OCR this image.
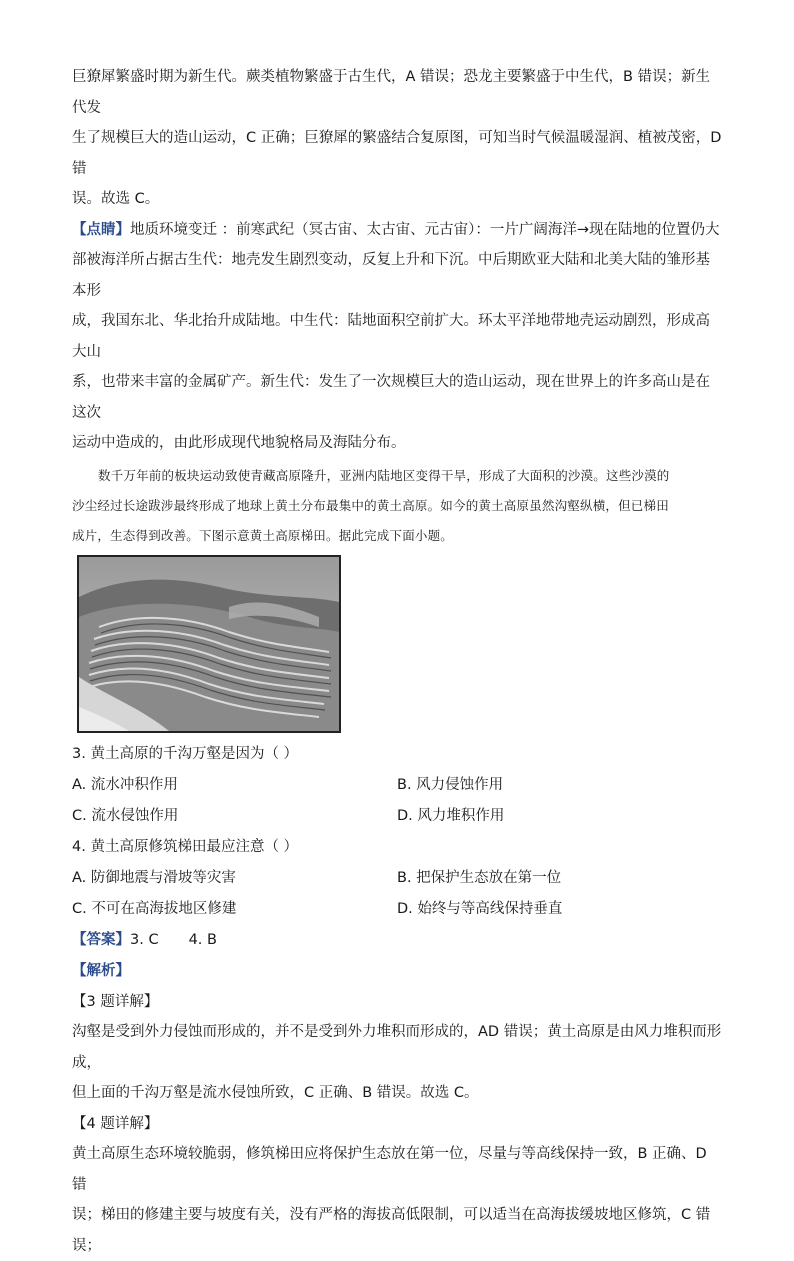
巨獠犀繁盛时期为新生代。蕨类植物繁盛于古生代，A 错误；恐龙主要繁盛于中生代，B 错误；新生代发

生了规模巨大的造山运动，C 正确；巨獠犀的繁盛结合复原图，可知当时气候温暖湿润、植被茂密，D 错

误。故选 C。

【点睛】地质环境变迁 ：前寒武纪（冥古宙、太古宙、元古宙）：一片广阔海洋→现在陆地的位置仍大

部被海洋所占据古生代：地壳发生剧烈变动，反复上升和下沉。中后期欧亚大陆和北美大陆的雏形基本形

成，我国东北、华北抬升成陆地。中生代：陆地面积空前扩大。环太平洋地带地壳运动剧烈，形成高大山

系，也带来丰富的金属矿产。新生代：发生了一次规模巨大的造山运动，现在世界上的许多高山是在这次

运动中造成的，由此形成现代地貌格局及海陆分布。

数千万年前的板块运动致使青藏高原隆升，亚洲内陆地区变得干旱，形成了大面积的沙漠。这些沙漠的

沙尘经过长途跋涉最终形成了地球上黄土分布最集中的黄土高原。如今的黄土高原虽然沟壑纵横，但已梯田

成片，生态得到改善。下图示意黄土高原梯田。据此完成下面小题。

3. 黄土高原的千沟万壑是因为（ ）

A. 流水冲积作用	B. 风力侵蚀作用
C. 流水侵蚀作用	D. 风力堆积作用

4. 黄土高原修筑梯田最应注意（ ）

A. 防御地震与滑坡等灾害	B. 把保护生态放在第一位
C. 不可在高海拔地区修建	D. 始终与等高线保持垂直

【答案】3. C 4. B

【解析】

【3 题详解】

沟壑是受到外力侵蚀而形成的，并不是受到外力堆积而形成的，AD 错误；黄土高原是由风力堆积而形成，

但上面的千沟万壑是流水侵蚀所致，C 正确、B 错误。故选 C。

【4 题详解】

黄土高原生态环境较脆弱，修筑梯田应将保护生态放在第一位，尽量与等高线保持一致，B 正确、D 错

误；梯田的修建主要与坡度有关，没有严格的海拔高低限制，可以适当在高海拔缓坡地区修筑，C 错误；
